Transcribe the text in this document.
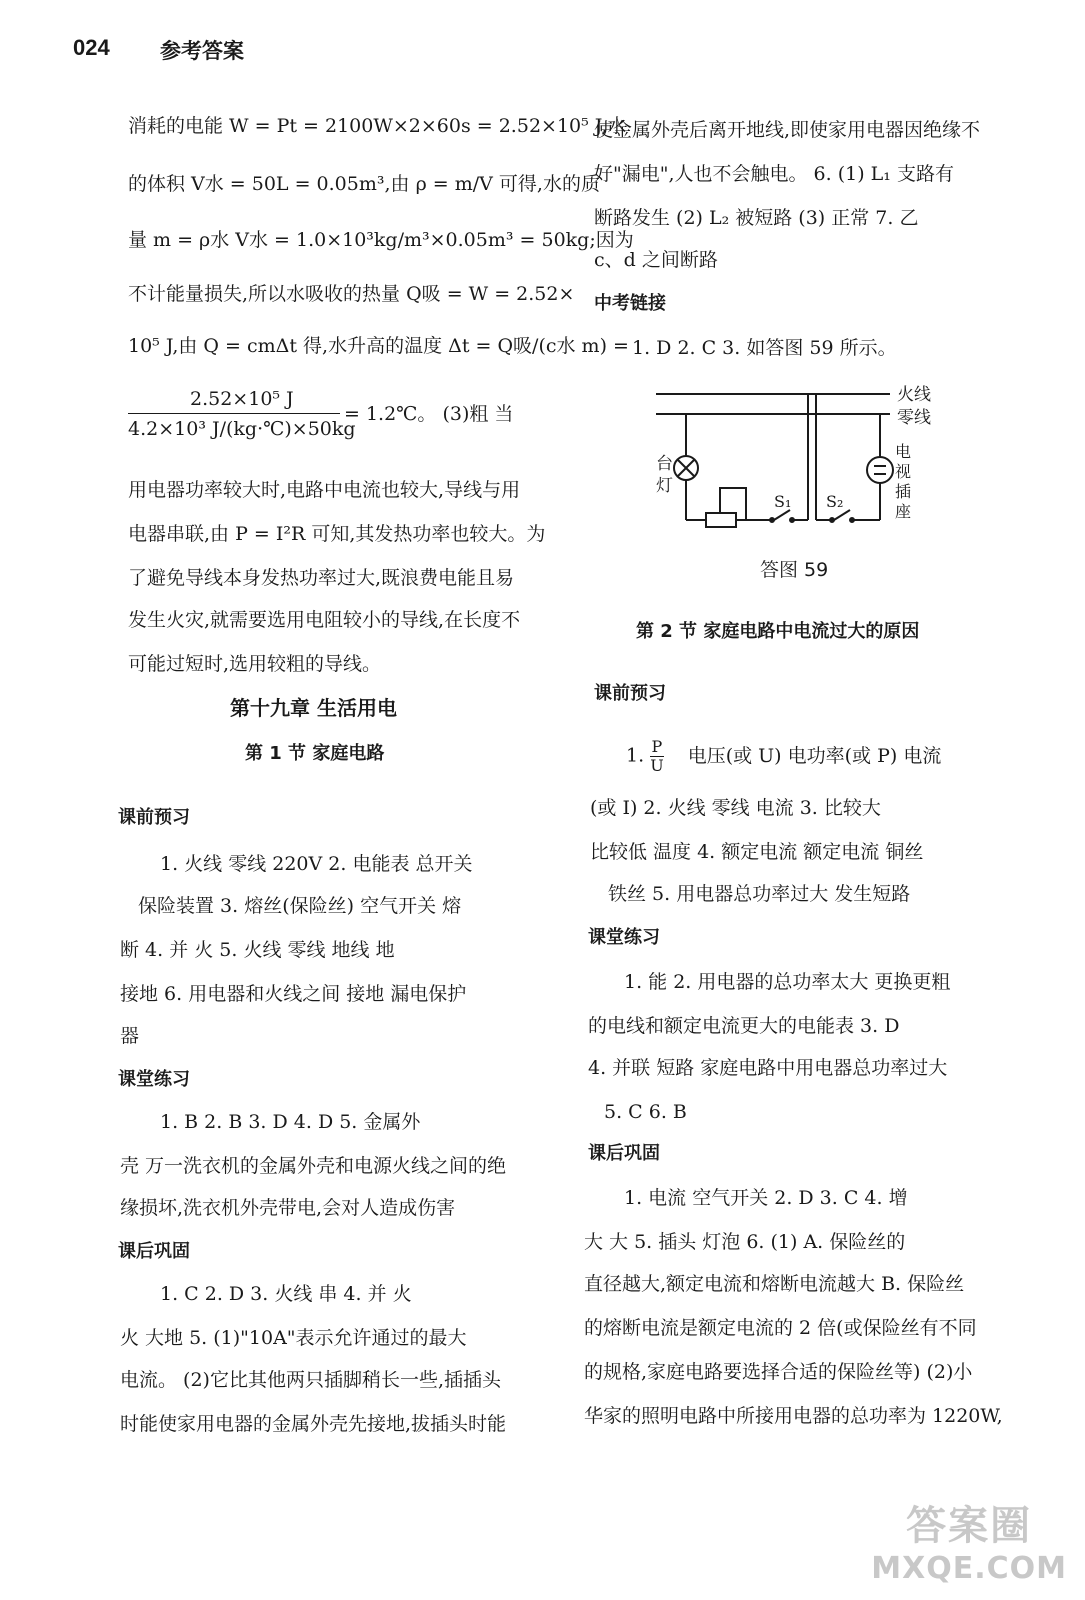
024 参考答案
消耗的电能 W = Pt = 2100W×2×60s = 2.52×10⁵ J,水
的体积 V水 = 50L = 0.05m³,由 ρ = m/V 可得,水的质
量 m = ρ水 V水 = 1.0×10³kg/m³×0.05m³ = 50kg;因为
不计能量损失,所以水吸收的热量 Q吸 = W = 2.52×
10⁵ J,由 Q = cmΔt 得,水升高的温度 Δt = Q吸/(c水 m) =
2.52×10⁵ J
4.2×10³ J/(kg·℃)×50kg
= 1.2℃。 (3)粗 当
用电器功率较大时,电路中电流也较大,导线与用
电器串联,由 P = I²R 可知,其发热功率也较大。为
了避免导线本身发热功率过大,既浪费电能且易
发生火灾,就需要选用电阻较小的导线,在长度不
可能过短时,选用较粗的导线。
第十九章 生活用电
第 1 节 家庭电路
课前预习
1. 火线 零线 220V 2. 电能表 总开关
保险装置 3. 熔丝(保险丝) 空气开关 熔
断 4. 并 火 5. 火线 零线 地线 地
接地 6. 用电器和火线之间 接地 漏电保护
器
课堂练习
1. B 2. B 3. D 4. D 5. 金属外
壳 万一洗衣机的金属外壳和电源火线之间的绝
缘损坏,洗衣机外壳带电,会对人造成伤害
课后巩固
1. C 2. D 3. 火线 串 4. 并 火
火 大地 5. (1)"10A"表示允许通过的最大
电流。 (2)它比其他两只插脚稍长一些,插插头
时能使家用电器的金属外壳先接地,拔插头时能
使金属外壳后离开地线,即使家用电器因绝缘不
好"漏电",人也不会触电。 6. (1) L₁ 支路有
断路发生 (2) L₂ 被短路 (3) 正常 7. 乙
c、d 之间断路
中考链接
1. D 2. C 3. 如答图 59 所示。
火线
零线
台
灯
电
视
插
座
S₁ S₂
答图 59
第 2 节 家庭电路中电流过大的原因
课前预习
1. $\frac{P}{U}$ 电压(或 U) 电功率(或 P) 电流
(或 I) 2. 火线 零线 电流 3. 比较大
比较低 温度 4. 额定电流 额定电流 铜丝
铁丝 5. 用电器总功率过大 发生短路
课堂练习
1. 能 2. 用电器的总功率太大 更换更粗
的电线和额定电流更大的电能表 3. D
4. 并联 短路 家庭电路中用电器总功率过大
5. C 6. B
课后巩固
1. 电流 空气开关 2. D 3. C 4. 增
大 大 5. 插头 灯泡 6. (1) A. 保险丝的
直径越大,额定电流和熔断电流越大 B. 保险丝
的熔断电流是额定电流的 2 倍(或保险丝有不同
的规格,家庭电路要选择合适的保险丝等) (2)小
华家的照明电路中所接用电器的总功率为 1220W,
答案圈
MXQE.COM
